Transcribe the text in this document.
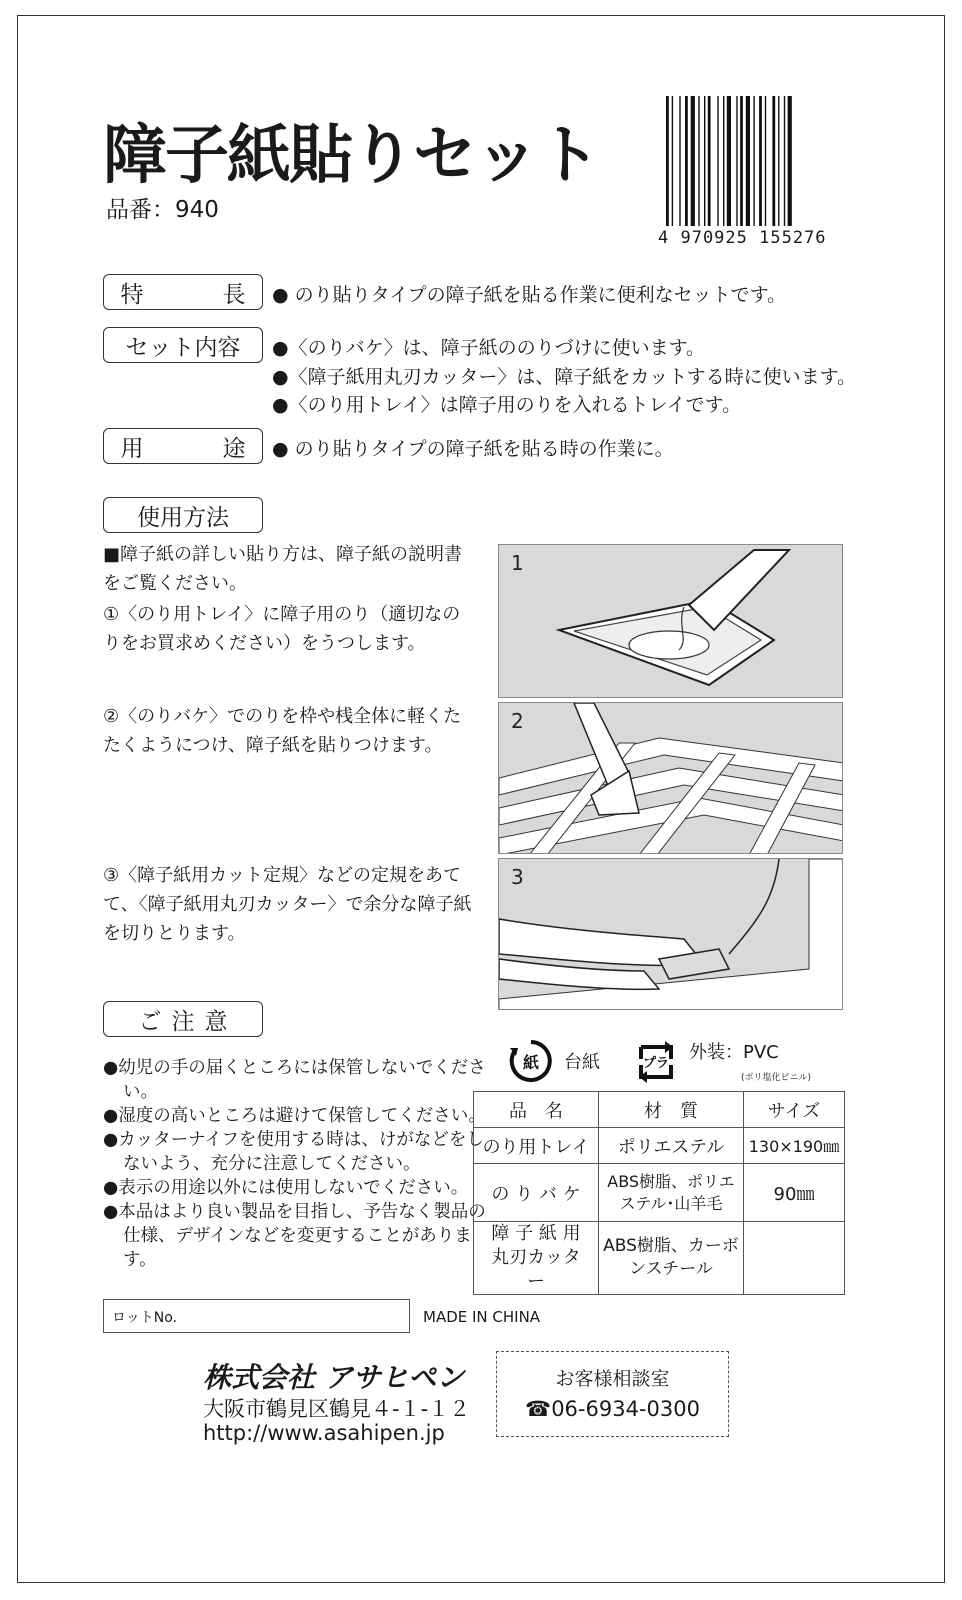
障子紙貼りセット
品番：940
4 970925 155276
特　長
● のり貼りタイプの障子紙を貼る作業に便利なセットです。
セット内容	●〈のりバケ〉は、障子紙ののりづけに使います。
●〈障子紙用丸刃カッター〉は、障子紙をカットする時に使います。
●〈のり用トレイ〉は障子用のりを入れるトレイです。
用　途
● のり貼りタイプの障子紙を貼る時の作業に。
使用方法
■障子紙の詳しい貼り方は、障子紙の説明書をご覧ください。
①〈のり用トレイ〉に障子用のり（適切なのりをお買求めください）をうつします。
②〈のりバケ〉でのりを枠や桟全体に軽くたたくようにつけ、障子紙を貼りつけます。
③〈障子紙用カット定規〉などの定規をあてて、〈障子紙用丸刃カッター〉で余分な障子紙を切りとります。
1
2
3
ご注意
●幼児の手の届くところには保管しないでください。
●湿度の高いところは避けて保管してください。
●カッターナイフを使用する時は、けがなどをしないよう、充分に注意してください。
●表示の用途以外には使用しないでください。
●本品はより良い製品を目指し、予告なく製品の仕様、デザインなどを変更することがあります。
紙 台紙	プラ 外装：PVC
(ポリ塩化ビニル)
品　名	材　質	サイズ
のり用トレイ	ポリエステル	130×190㎜
の り バ ケ	ABS樹脂、ポリエステル･山羊毛	90㎜
障 子 紙 用 丸刃カッター	ABS樹脂、カーボンスチール	
ロットNo.	MADE IN CHINA
株式会社 アサヒペン
大阪市鶴見区鶴見４-１-１２
http://www.asahipen.jp
お客様相談室
☎06-6934-0300
